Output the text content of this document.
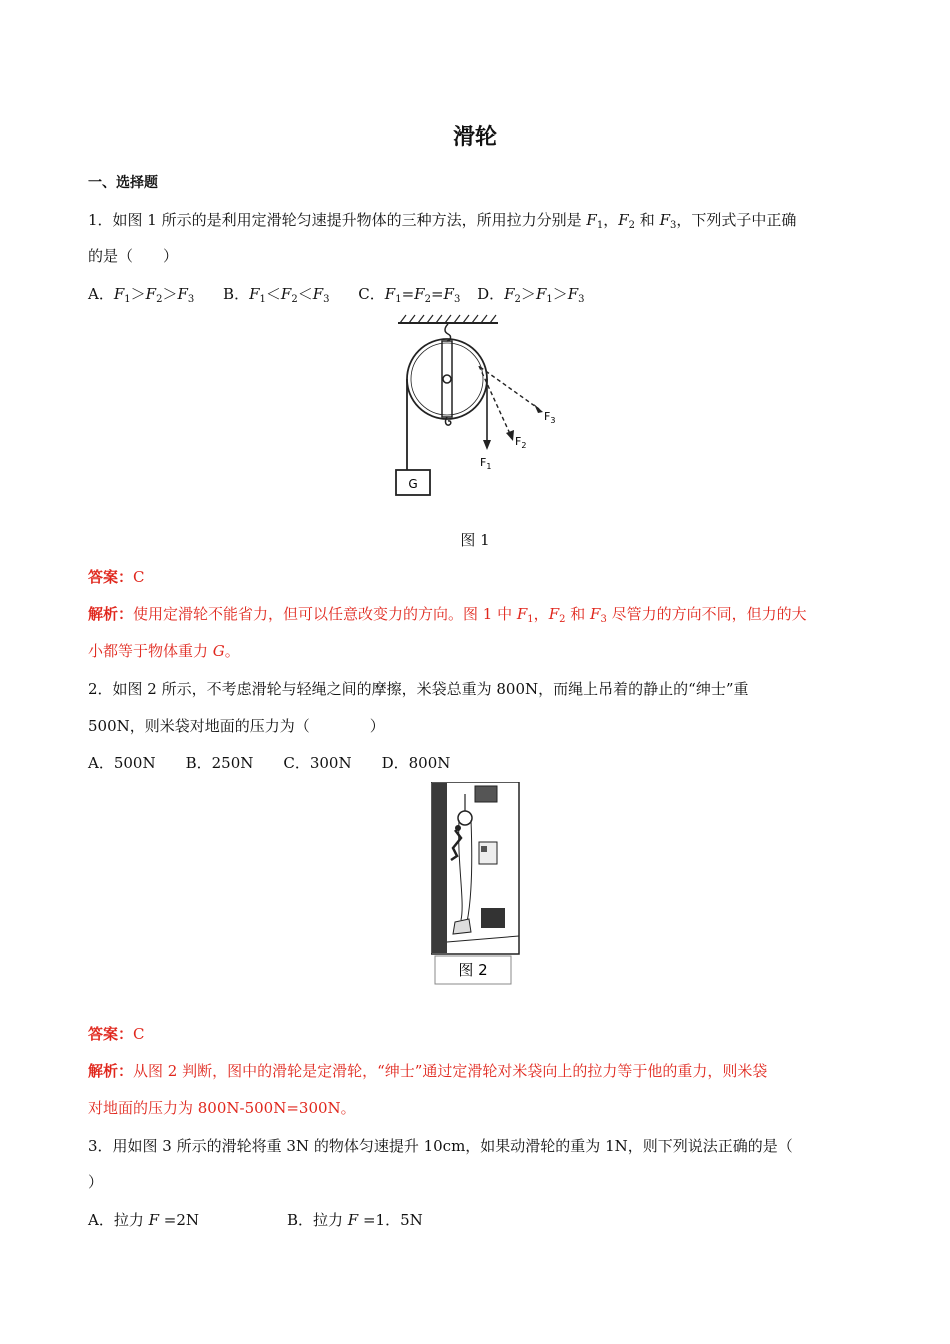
滑轮
一、选择题
1．如图 1 所示的是利用定滑轮匀速提升物体的三种方法，所用拉力分别是 $F_1$，$F_2$ 和 $F_3$，下列式子中正确
的是（　　）
A．$F_1>F_2>F_3$ B．$F_1<F_2<F_3$ C．$F_1=F_2=F_3$ D．$F_2>F_1>F_3$
G
$F_1$
$F_2$
$F_3$
图 1
答案：C
解析：使用定滑轮不能省力，但可以任意改变力的方向。图 1 中 $F_1$，$F_2$ 和 $F_3$ 尽管力的方向不同，但力的大
小都等于物体重力 G。
2．如图 2 所示，不考虑滑轮与轻绳之间的摩擦，米袋总重为 800N，而绳上吊着的静止的“绅士”重
500N，则米袋对地面的压力为（　　　　）
A．500N　　B．250N　　C．300N　　D．800N
图 2
答案：C
解析：从图 2 判断，图中的滑轮是定滑轮，“绅士”通过定滑轮对米袋向上的拉力等于他的重力，则米袋
对地面的压力为 800N-500N=300N。
3．用如图 3 所示的滑轮将重 3N 的物体匀速提升 10cm，如果动滑轮的重为 1N，则下列说法正确的是（
）
A．拉力 F =2N	B．拉力 F =1．5N
